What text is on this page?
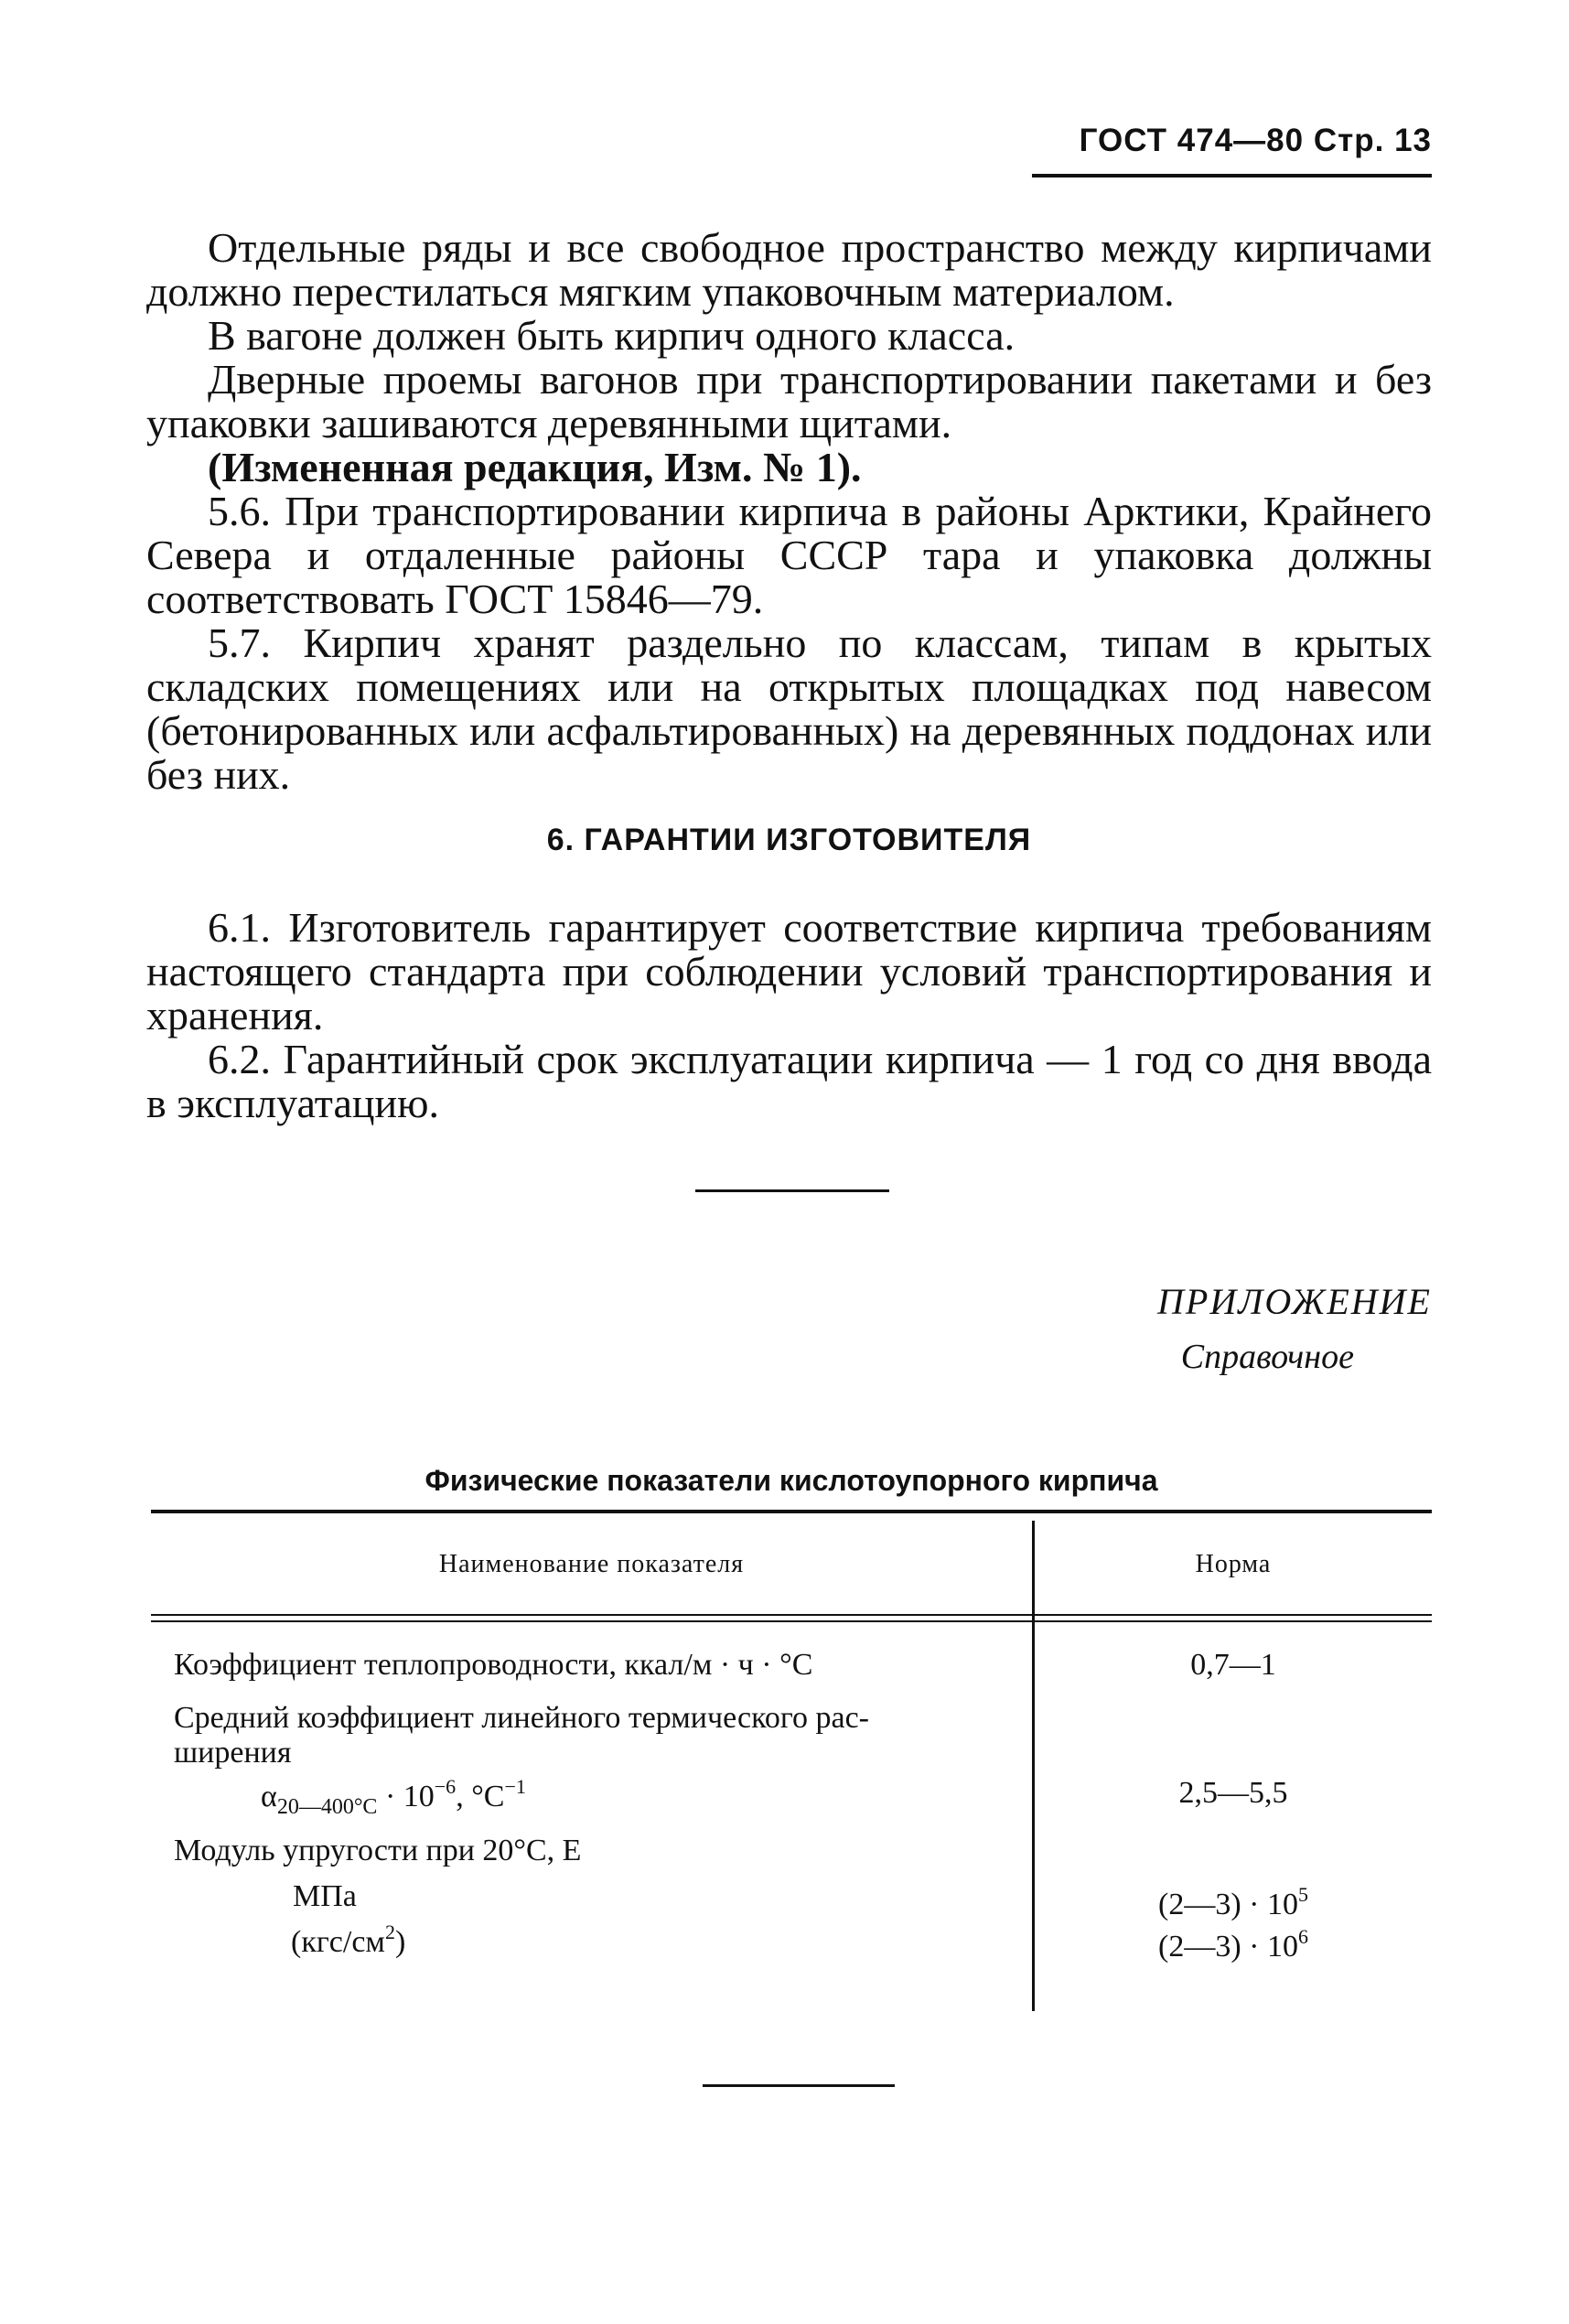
ГОСТ 474—80 Стр. 13

Отдельные ряды и все свободное пространство между кирпичами должно перестилаться мягким упаковочным материалом.

В вагоне должен быть кирпич одного класса.

Дверные проемы вагонов при транспортировании пакетами и без упаковки зашиваются деревянными щитами.

(Измененная редакция, Изм. № 1).

5.6. При транспортировании кирпича в районы Арктики, Крайнего Севера и отдаленные районы СССР тара и упаковка должны соответствовать ГОСТ 15846—79.

5.7. Кирпич хранят раздельно по классам, типам в крытых складских помещениях или на открытых площадках под навесом (бетонированных или асфальтированных) на деревянных поддонах или без них.

6. ГАРАНТИИ ИЗГОТОВИТЕЛЯ

6.1. Изготовитель гарантирует соответствие кирпича требованиям настоящего стандарта при соблюдении условий транспортирования и хранения.

6.2. Гарантийный срок эксплуатации кирпича — 1 год со дня ввода в эксплуатацию.

ПРИЛОЖЕНИЕ
Справочное
Физические показатели кислотоупорного кирпича
Наименование показателя	Норма
Коэффициент теплопроводности, ккал/м · ч · °С	0,7—1
Средний коэффициент линейного термического рас-
ширения
$\alpha_{20—400^\circ С} \cdot 10^{-6}$, $^\circ С^{-1}$	2,5—5,5
Модуль упругости при 20°С, Е
МПа	(2—3) · $10^5$
$(кгс/см^2)$	(2—3) · $10^6$
